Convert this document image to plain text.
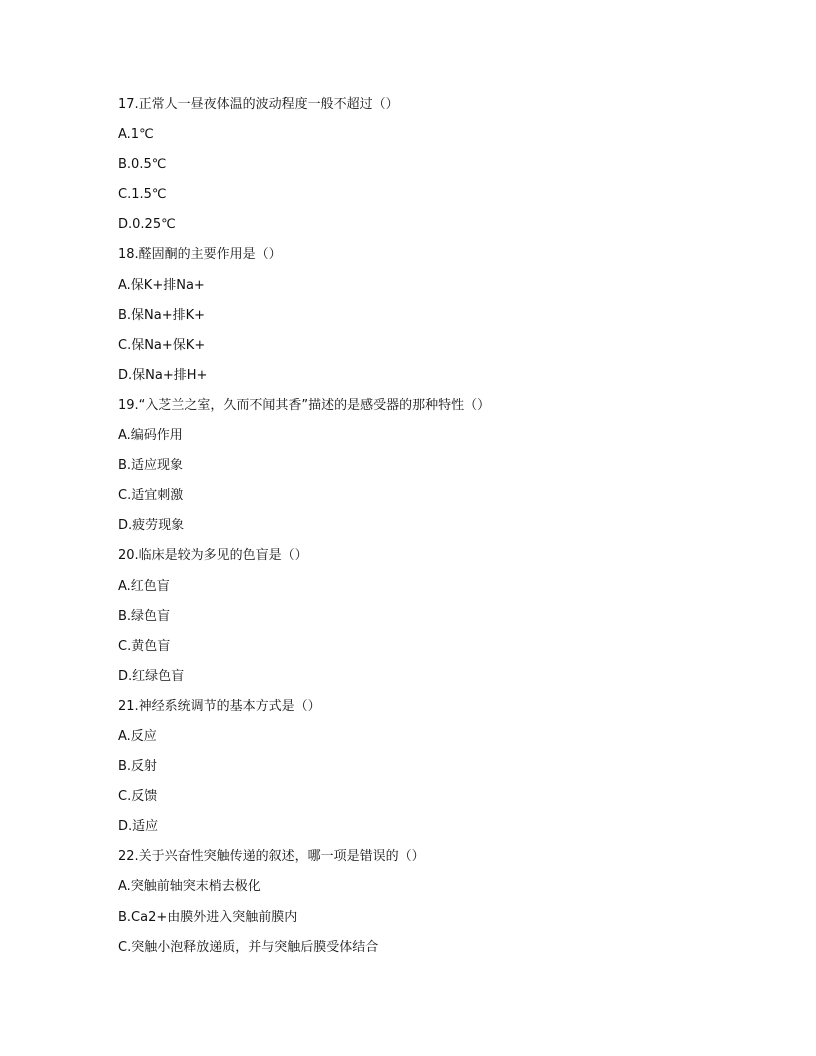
17.正常人一昼夜体温的波动程度一般不超过（）
A.1℃
B.0.5℃
C.1.5℃
D.0.25℃
18.醛固酮的主要作用是（）
A.保K+排Na+
B.保Na+排K+
C.保Na+保K+
D.保Na+排H+
19.“入芝兰之室，久而不闻其香”描述的是感受器的那种特性（）
A.编码作用
B.适应现象
C.适宜刺激
D.疲劳现象
20.临床是较为多见的色盲是（）
A.红色盲
B.绿色盲
C.黄色盲
D.红绿色盲
21.神经系统调节的基本方式是（）
A.反应
B.反射
C.反馈
D.适应
22.关于兴奋性突触传递的叙述，哪一项是错误的（）
A.突触前轴突末梢去极化
B.Ca2+由膜外进入突触前膜内
C.突触小泡释放递质，并与突触后膜受体结合
